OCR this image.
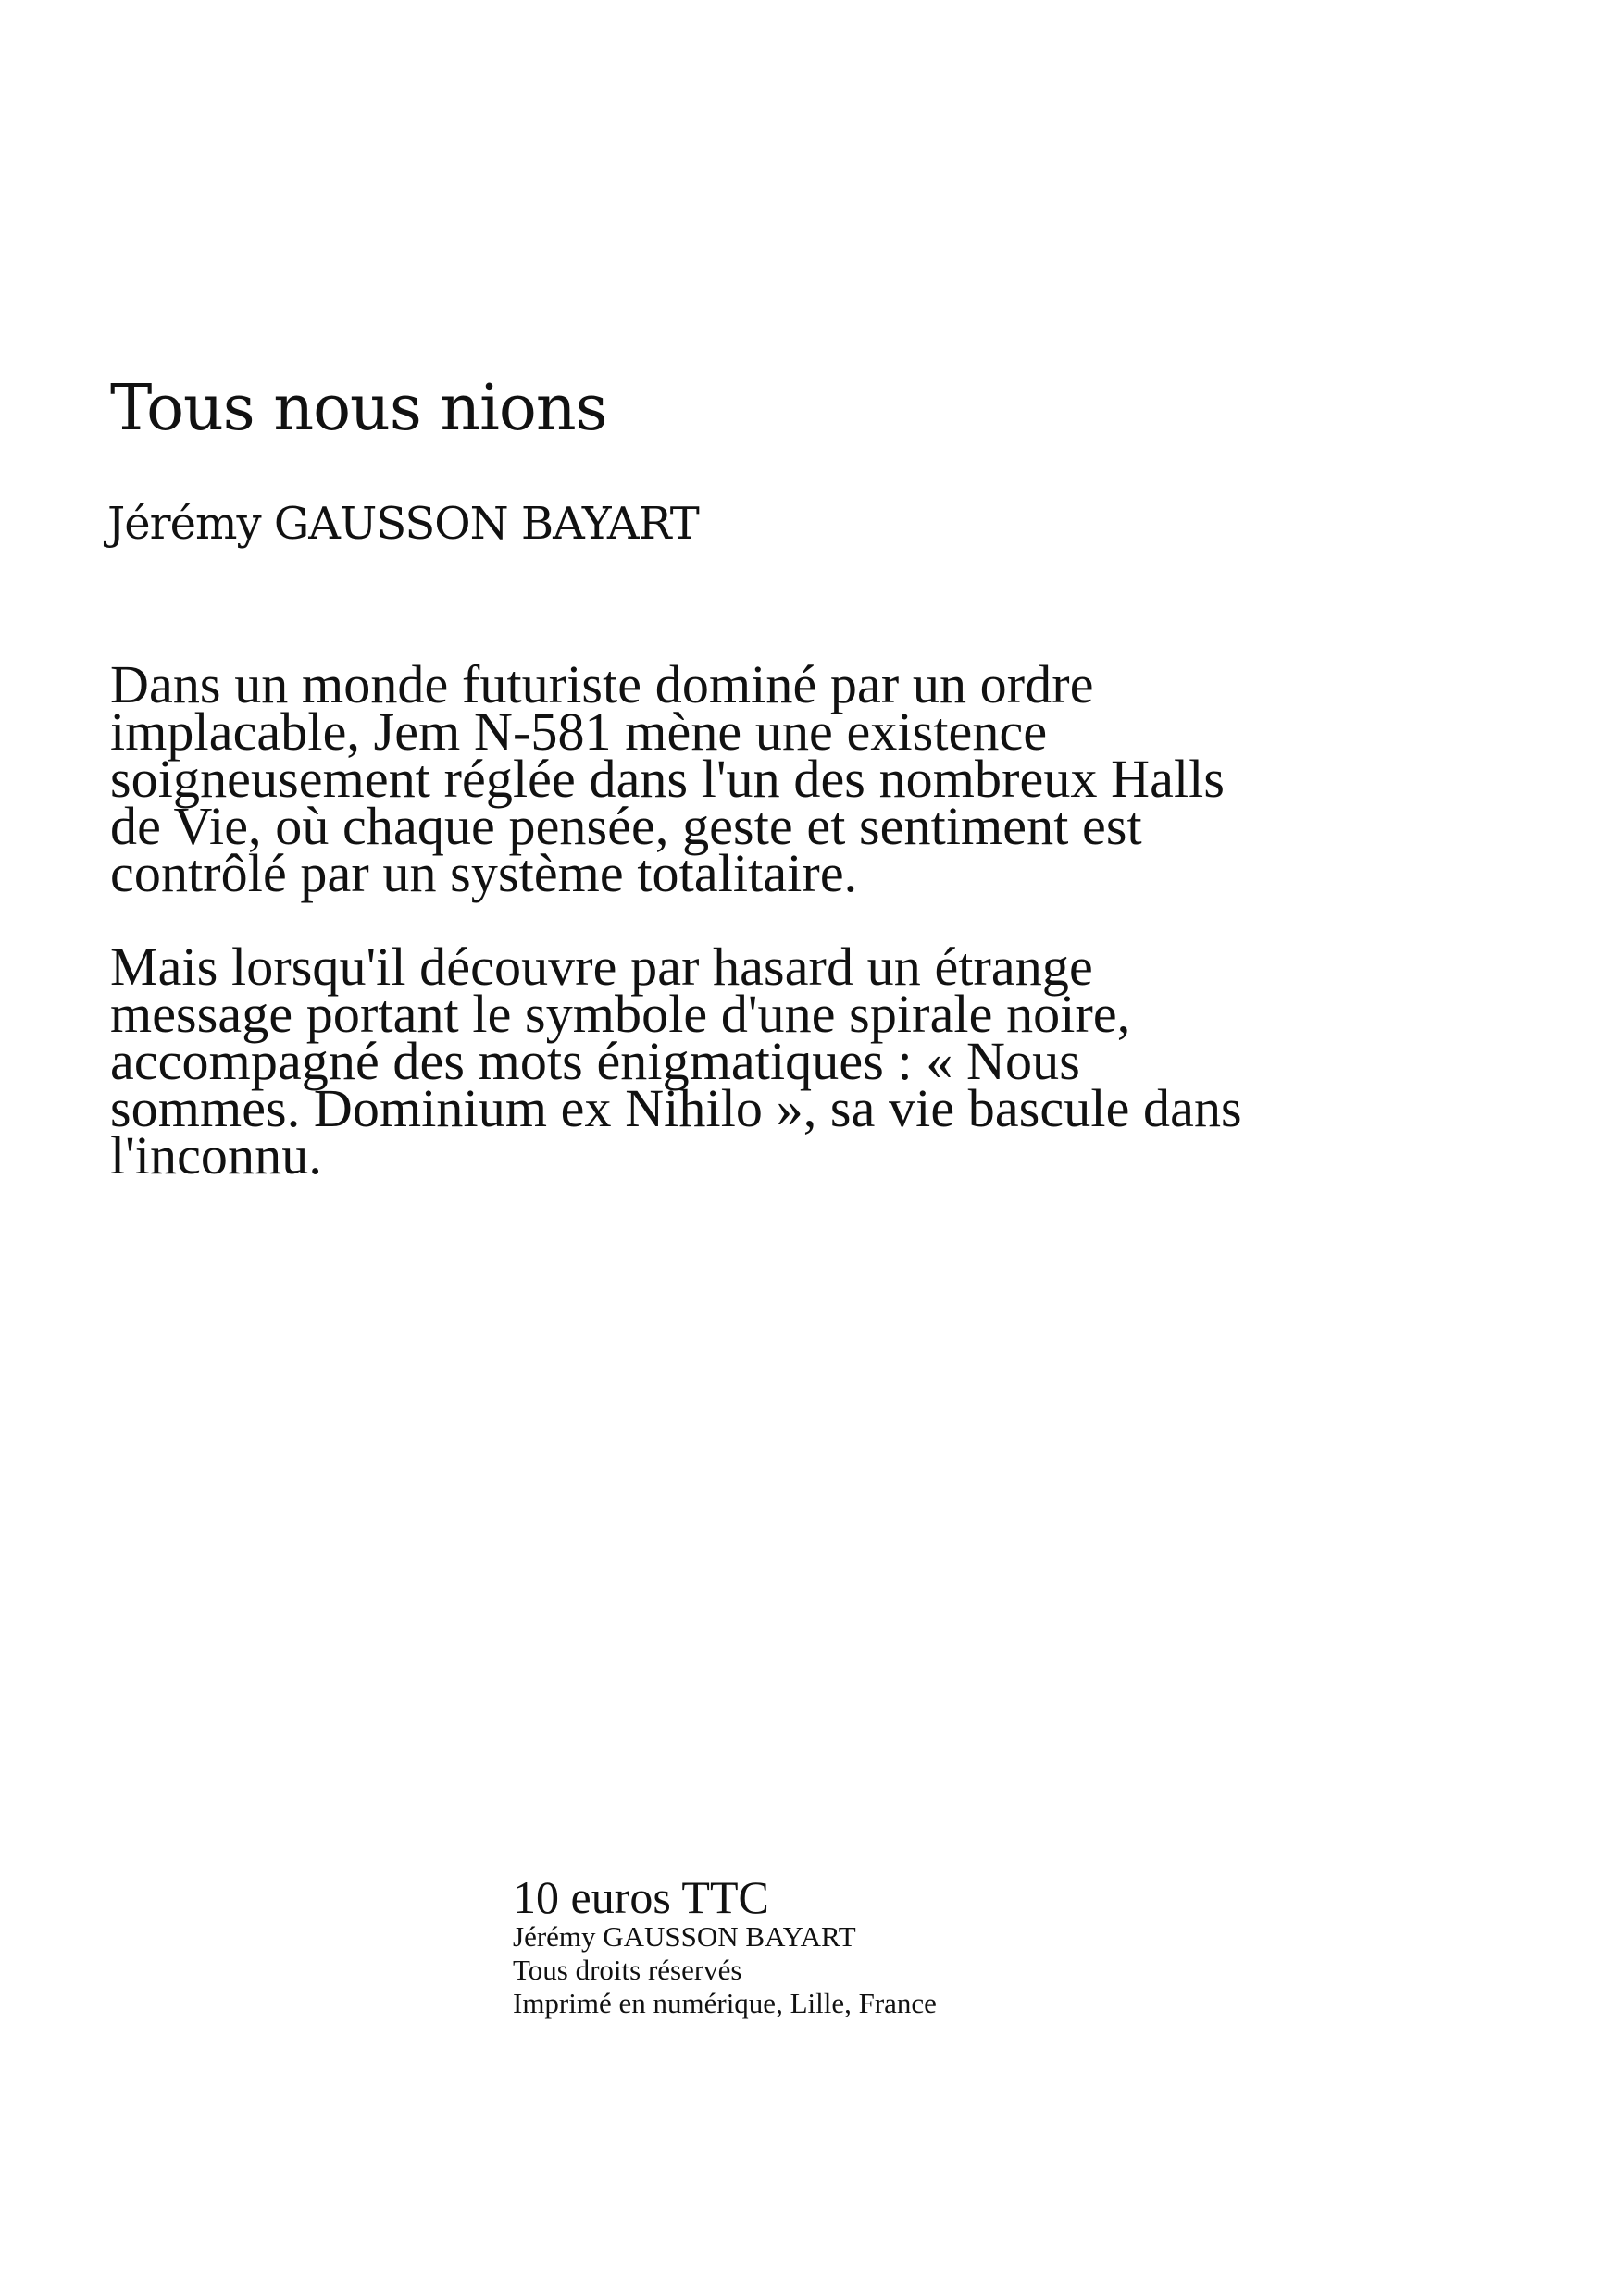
Tous nous nions
Jérémy GAUSSON BAYART

Dans un monde futuriste dominé par un ordre implacable, Jem N-581 mène une existence soigneusement réglée dans l'un des nombreux Halls de Vie, où chaque pensée, geste et sentiment est contrôlé par un système totalitaire.

Mais lorsqu'il découvre par hasard un étrange message portant le symbole d'une spirale noire, accompagné des mots énigmatiques : « Nous sommes. Dominium ex Nihilo », sa vie bascule dans l'inconnu.

10 euros TTC
Jérémy GAUSSON BAYART
Tous droits réservés
Imprimé en numérique, Lille, France
